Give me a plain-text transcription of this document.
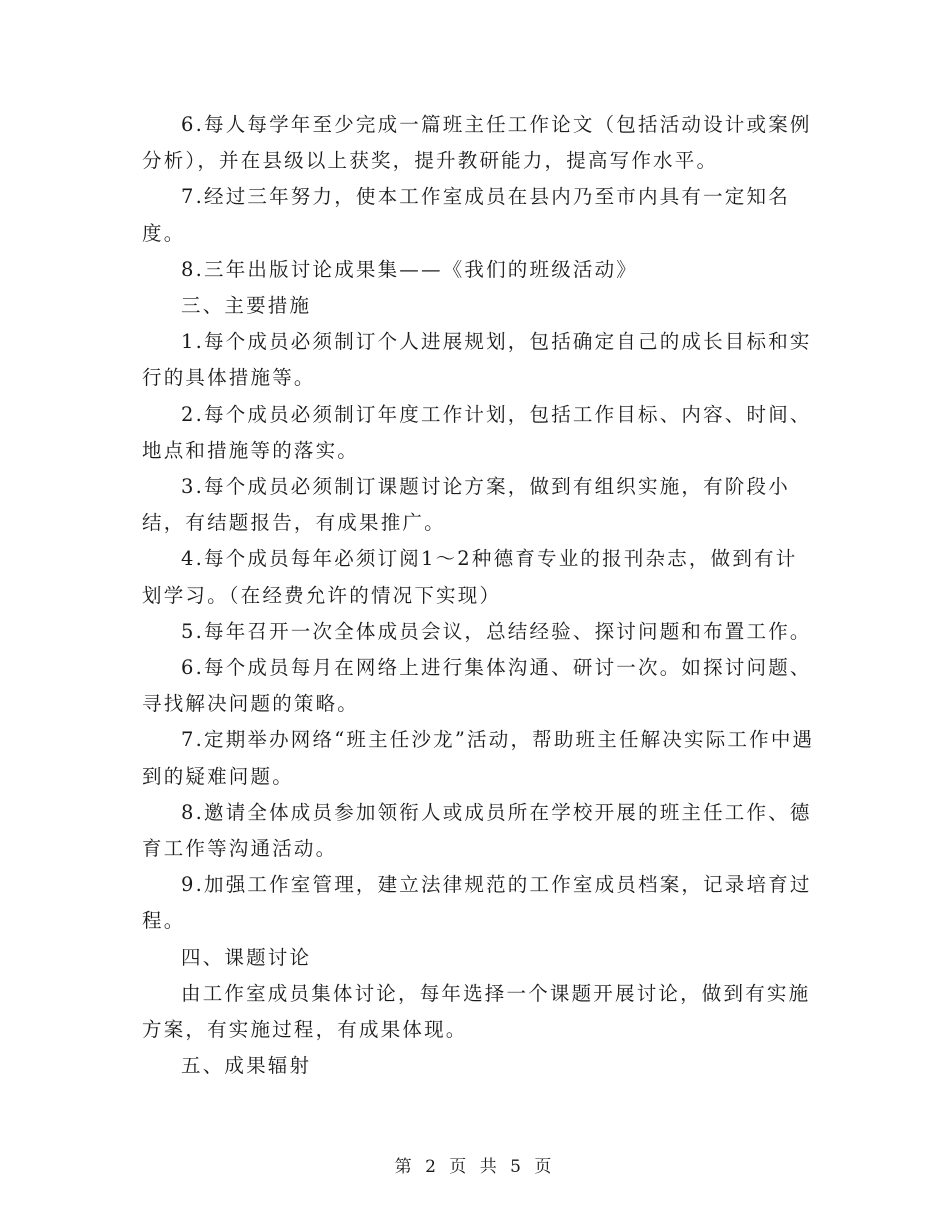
6.每人每学年至少完成一篇班主任工作论文（包括活动设计或案例分析），并在县级以上获奖，提升教研能力，提高写作水平。

7.经过三年努力，使本工作室成员在县内乃至市内具有一定知名度。

8.三年出版讨论成果集——《我们的班级活动》

三、主要措施

1.每个成员必须制订个人进展规划，包括确定自己的成长目标和实行的具体措施等。

2.每个成员必须制订年度工作计划，包括工作目标、内容、时间、地点和措施等的落实。

3.每个成员必须制订课题讨论方案，做到有组织实施，有阶段小结，有结题报告，有成果推广。

4.每个成员每年必须订阅1～2种德育专业的报刊杂志，做到有计划学习。（在经费允许的情况下实现）

5.每年召开一次全体成员会议，总结经验、探讨问题和布置工作。

6.每个成员每月在网络上进行集体沟通、研讨一次。如探讨问题、寻找解决问题的策略。

7.定期举办网络“班主任沙龙”活动，帮助班主任解决实际工作中遇到的疑难问题。

8.邀请全体成员参加领衔人或成员所在学校开展的班主任工作、德育工作等沟通活动。

9.加强工作室管理，建立法律规范的工作室成员档案，记录培育过程。

四、课题讨论

由工作室成员集体讨论，每年选择一个课题开展讨论，做到有实施方案，有实施过程，有成果体现。

五、成果辐射

第 2 页 共 5 页
